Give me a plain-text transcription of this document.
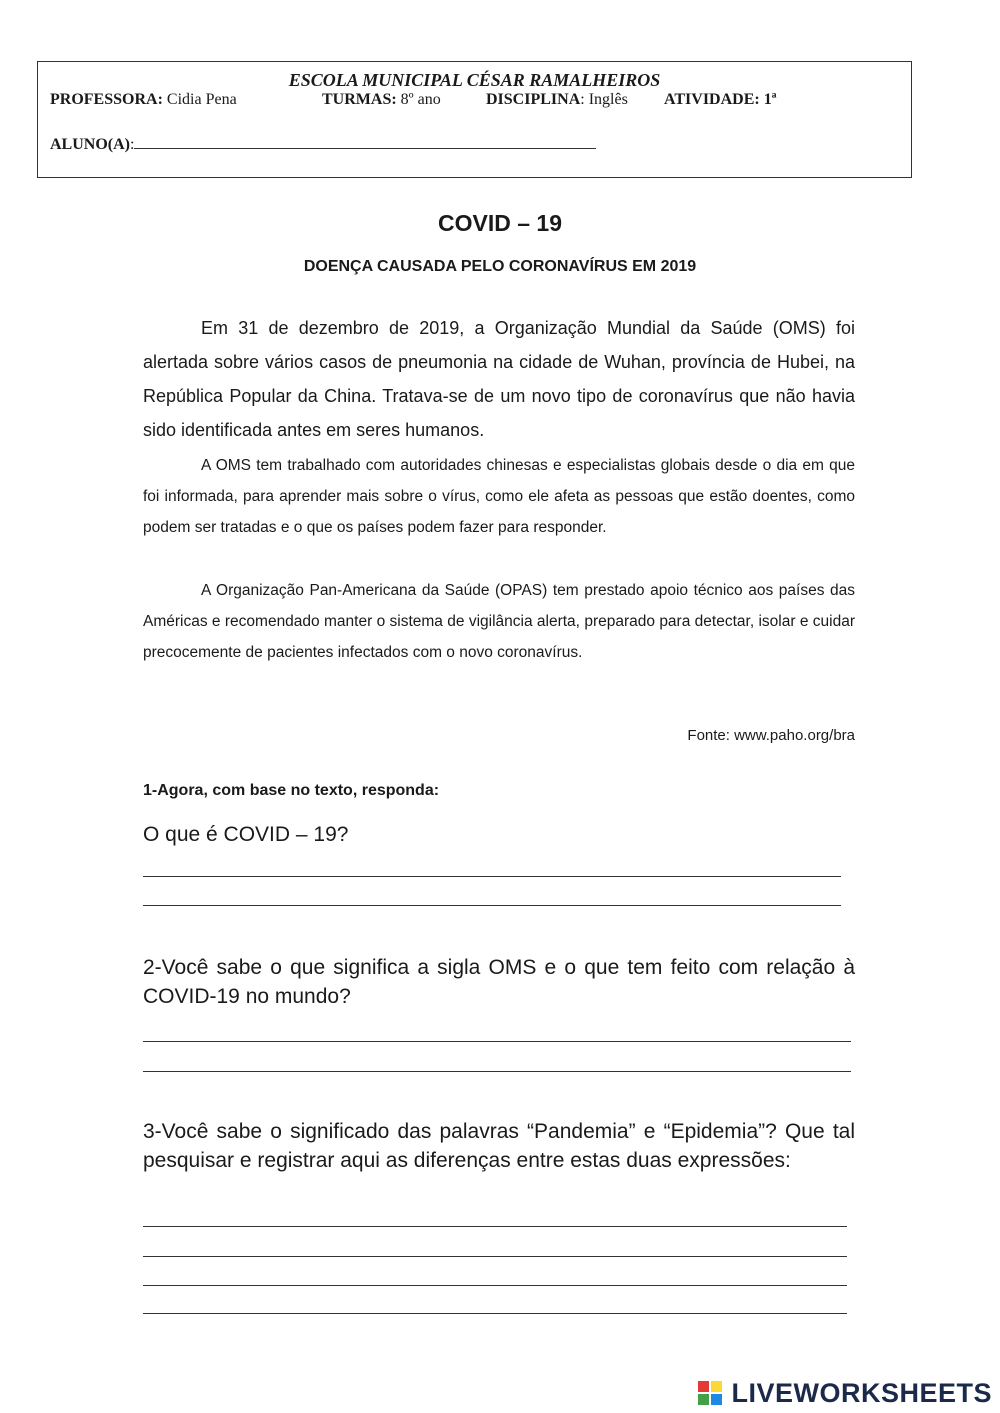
ESCOLA MUNICIPAL CÉSAR RAMALHEIROS
PROFESSORA: Cidia Pena	TURMAS: 8º ano	DISCIPLINA: Inglês ATIVIDADE: 1ª
ALUNO(A):
COVID – 19
DOENÇA CAUSADA PELO CORONAVÍRUS EM 2019

Em 31 de dezembro de 2019, a Organização Mundial da Saúde (OMS) foi alertada sobre vários casos de pneumonia na cidade de Wuhan, província de Hubei, na República Popular da China. Tratava-se de um novo tipo de coronavírus que não havia sido identificada antes em seres humanos.

A OMS tem trabalhado com autoridades chinesas e especialistas globais desde o dia em que foi informada, para aprender mais sobre o vírus, como ele afeta as pessoas que estão doentes, como podem ser tratadas e o que os países podem fazer para responder.

A Organização Pan-Americana da Saúde (OPAS) tem prestado apoio técnico aos países das Américas e recomendado manter o sistema de vigilância alerta, preparado para detectar, isolar e cuidar precocemente de pacientes infectados com o novo coronavírus.

Fonte: www.paho.org/bra
1-Agora, com base no texto, responda:

O que é COVID – 19?

2-Você sabe o que significa a sigla OMS e o que tem feito com relação à COVID-19 no mundo?

3-Você sabe o significado das palavras “Pandemia” e “Epidemia”? Que tal pesquisar e registrar aqui as diferenças entre estas duas expressões:

LIVEWORKSHEETS
